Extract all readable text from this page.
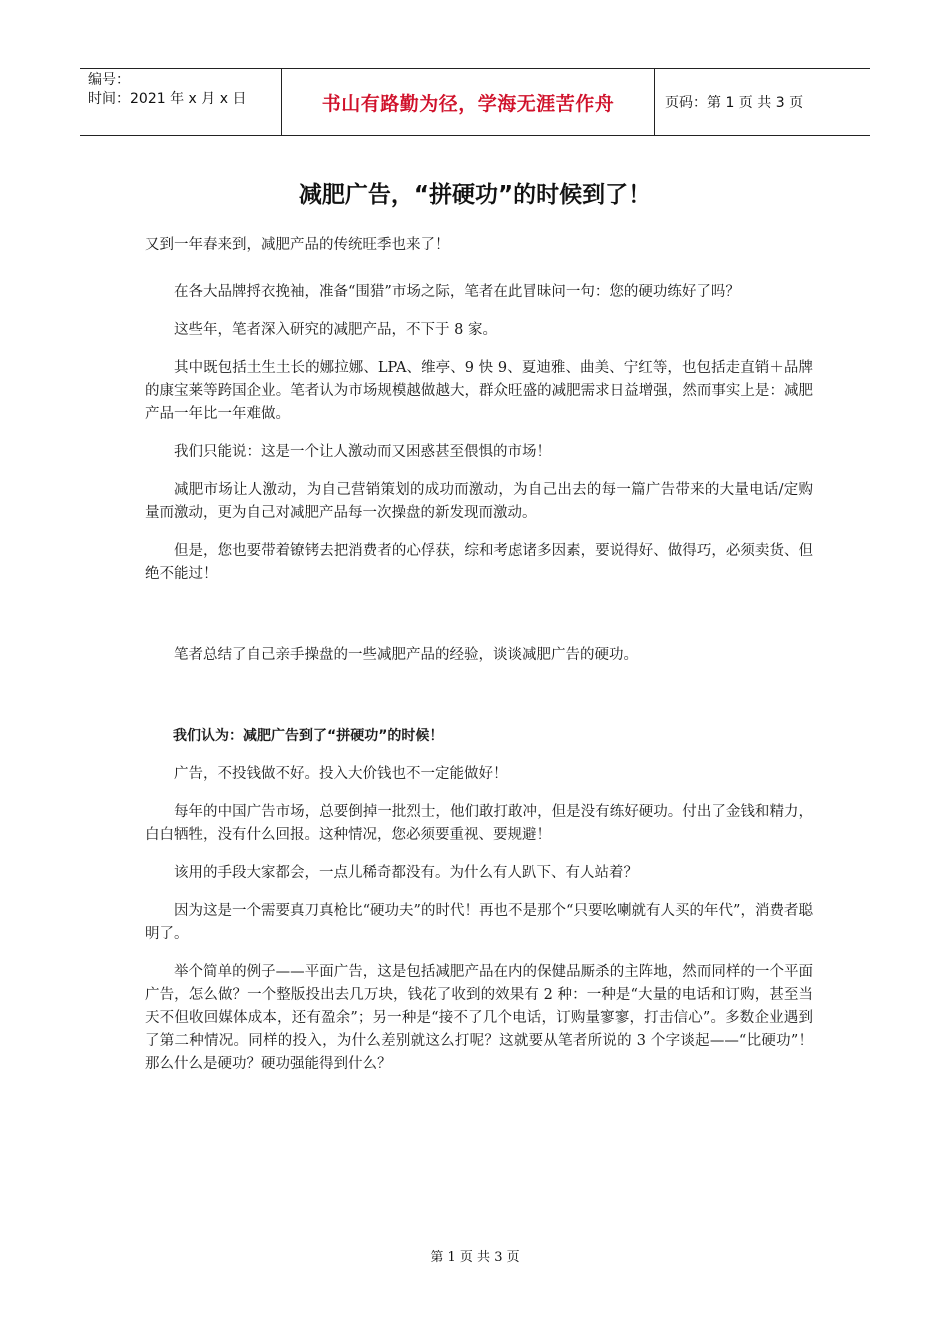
编号：
时间：2021 年 x 月 x 日	书山有路勤为径，学海无涯苦作舟	页码：第 1 页 共 3 页
减肥广告，“拼硬功”的时候到了！

又到一年春来到，减肥产品的传统旺季也来了！

在各大品牌捋衣挽袖，准备“围猎”市场之际，笔者在此冒昧问一句：您的硬功练好了吗？

这些年，笔者深入研究的减肥产品，不下于 8 家。

其中既包括土生土长的娜拉娜、LPA、维亭、9 快 9、夏迪雅、曲美、宁红等，也包括走直销＋品牌的康宝莱等跨国企业。笔者认为市场规模越做越大，群众旺盛的减肥需求日益增强，然而事实上是：减肥产品一年比一年难做。

我们只能说：这是一个让人激动而又困惑甚至偎惧的市场！

减肥市场让人激动，为自己营销策划的成功而激动，为自己出去的每一篇广告带来的大量电话/定购量而激动，更为自己对减肥产品每一次操盘的新发现而激动。

但是，您也要带着镣铐去把消费者的心俘获，综和考虑诸多因素，要说得好、做得巧，必须卖货、但绝不能过！

笔者总结了自己亲手操盘的一些减肥产品的经验，谈谈减肥广告的硬功。

我们认为：减肥广告到了“拼硬功”的时候！

广告，不投钱做不好。投入大价钱也不一定能做好！

每年的中国广告市场，总要倒掉一批烈士，他们敢打敢冲，但是没有练好硬功。付出了金钱和精力，白白牺牲，没有什么回报。这种情况，您必须要重视、要规避！

该用的手段大家都会，一点儿稀奇都没有。为什么有人趴下、有人站着？

因为这是一个需要真刀真枪比“硬功夫”的时代！再也不是那个“只要吆喇就有人买的年代”，消费者聪明了。

举个简单的例子——平面广告，这是包括减肥产品在内的保健品厮杀的主阵地，然而同样的一个平面广告，怎么做？一个整版投出去几万块，钱花了收到的效果有 2 种：一种是“大量的电话和订购，甚至当天不但收回媒体成本，还有盈余”；另一种是“接不了几个电话，订购量寥寥，打击信心”。多数企业遇到了第二种情况。同样的投入，为什么差别就这么打呢？这就要从笔者所说的 3 个字谈起——“比硬功”！那么什么是硬功？硬功强能得到什么？

第 1 页 共 3 页
